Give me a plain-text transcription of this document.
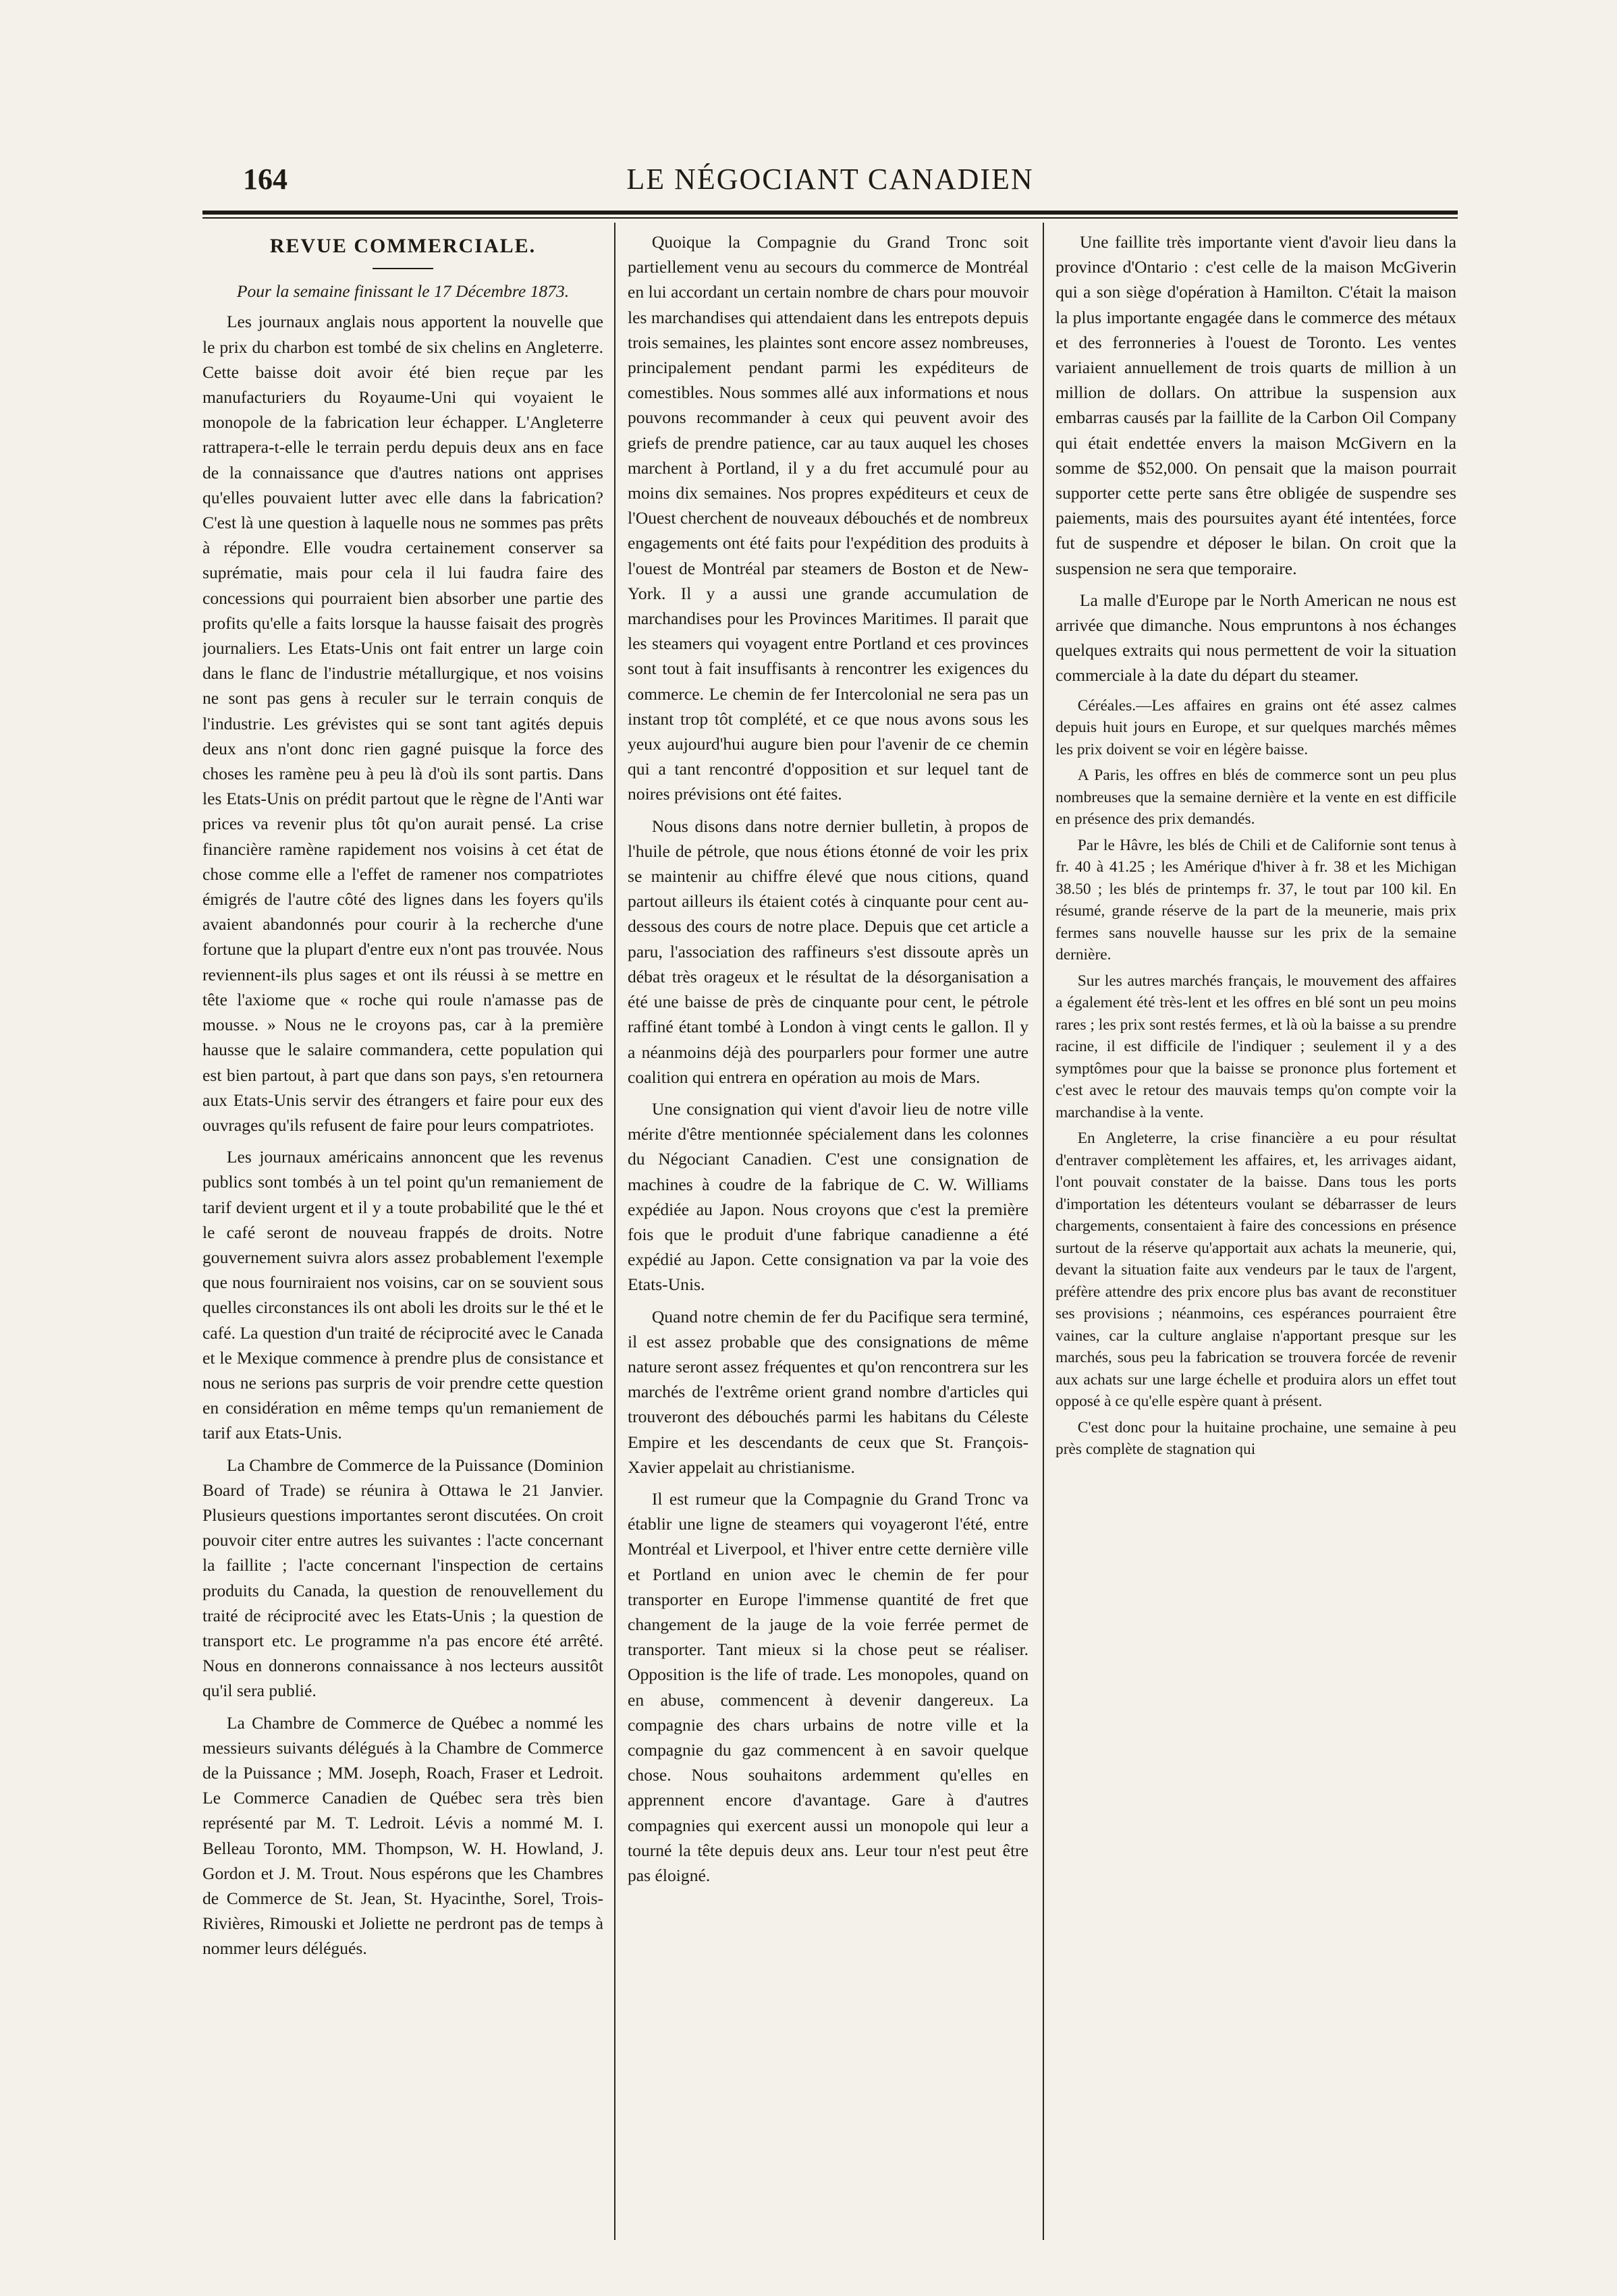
164	LE NÉGOCIANT CANADIEN
REVUE COMMERCIALE.
Pour la semaine finissant le 17 Décembre 1873.

Les journaux anglais nous apportent la nouvelle que le prix du charbon est tombé de six chelins en Angleterre. Cette baisse doit avoir été bien reçue par les manufacturiers du Royaume-Uni qui voyaient le monopole de la fabrication leur échapper. L'Angleterre rattrapera-t-elle le terrain perdu depuis deux ans en face de la connaissance que d'autres nations ont apprises qu'elles pouvaient lutter avec elle dans la fabrication? C'est là une question à laquelle nous ne sommes pas prêts à répondre. Elle voudra certainement conserver sa suprématie, mais pour cela il lui faudra faire des concessions qui pourraient bien absorber une partie des profits qu'elle a faits lorsque la hausse faisait des progrès journaliers. Les Etats-Unis ont fait entrer un large coin dans le flanc de l'industrie métallurgique, et nos voisins ne sont pas gens à reculer sur le terrain conquis de l'industrie. Les grévistes qui se sont tant agités depuis deux ans n'ont donc rien gagné puisque la force des choses les ramène peu à peu là d'où ils sont partis. Dans les Etats-Unis on prédit partout que le règne de l'Anti war prices va revenir plus tôt qu'on aurait pensé. La crise financière ramène rapidement nos voisins à cet état de chose comme elle a l'effet de ramener nos compatriotes émigrés de l'autre côté des lignes dans les foyers qu'ils avaient abandonnés pour courir à la recherche d'une fortune que la plupart d'entre eux n'ont pas trouvée. Nous reviennent-ils plus sages et ont ils réussi à se mettre en tête l'axiome que « roche qui roule n'amasse pas de mousse. » Nous ne le croyons pas, car à la première hausse que le salaire commandera, cette population qui est bien partout, à part que dans son pays, s'en retournera aux Etats-Unis servir des étrangers et faire pour eux des ouvrages qu'ils refusent de faire pour leurs compatriotes.

Les journaux américains annoncent que les revenus publics sont tombés à un tel point qu'un remaniement de tarif devient urgent et il y a toute probabilité que le thé et le café seront de nouveau frappés de droits. Notre gouvernement suivra alors assez probablement l'exemple que nous fourniraient nos voisins, car on se souvient sous quelles circonstances ils ont aboli les droits sur le thé et le café. La question d'un traité de réciprocité avec le Canada et le Mexique commence à prendre plus de consistance et nous ne serions pas surpris de voir prendre cette question en considération en même temps qu'un remaniement de tarif aux Etats-Unis.

La Chambre de Commerce de la Puissance (Dominion Board of Trade) se réunira à Ottawa le 21 Janvier. Plusieurs questions importantes seront discutées. On croit pouvoir citer entre autres les suivantes : l'acte concernant la faillite ; l'acte concernant l'inspection de certains produits du Canada, la question de renouvellement du traité de réciprocité avec les Etats-Unis ; la question de transport etc. Le programme n'a pas encore été arrêté. Nous en donnerons connaissance à nos lecteurs aussitôt qu'il sera publié.

La Chambre de Commerce de Québec a nommé les messieurs suivants délégués à la Chambre de Commerce de la Puissance ; MM. Joseph, Roach, Fraser et Ledroit. Le Commerce Canadien de Québec sera très bien représenté par M. T. Ledroit. Lévis a nommé M. I. Belleau Toronto, MM. Thompson, W. H. Howland, J. Gordon et J. M. Trout. Nous espérons que les Chambres de Commerce de St. Jean, St. Hyacinthe, Sorel, Trois-Rivières, Rimouski et Joliette ne perdront pas de temps à nommer leurs délégués.

Quoique la Compagnie du Grand Tronc soit partiellement venu au secours du commerce de Montréal en lui accordant un certain nombre de chars pour mouvoir les marchandises qui attendaient dans les entrepots depuis trois semaines, les plaintes sont encore assez nombreuses, principalement pendant parmi les expéditeurs de comestibles. Nous sommes allé aux informations et nous pouvons recommander à ceux qui peuvent avoir des griefs de prendre patience, car au taux auquel les choses marchent à Portland, il y a du fret accumulé pour au moins dix semaines. Nos propres expéditeurs et ceux de l'Ouest cherchent de nouveaux débouchés et de nombreux engagements ont été faits pour l'expédition des produits à l'ouest de Montréal par steamers de Boston et de New-York. Il y a aussi une grande accumulation de marchandises pour les Provinces Maritimes. Il parait que les steamers qui voyagent entre Portland et ces provinces sont tout à fait insuffisants à rencontrer les exigences du commerce. Le chemin de fer Intercolonial ne sera pas un instant trop tôt complété, et ce que nous avons sous les yeux aujourd'hui augure bien pour l'avenir de ce chemin qui a tant rencontré d'opposition et sur lequel tant de noires prévisions ont été faites.

Nous disons dans notre dernier bulletin, à propos de l'huile de pétrole, que nous étions étonné de voir les prix se maintenir au chiffre élevé que nous citions, quand partout ailleurs ils étaient cotés à cinquante pour cent au-dessous des cours de notre place. Depuis que cet article a paru, l'association des raffineurs s'est dissoute après un débat très orageux et le résultat de la désorganisation a été une baisse de près de cinquante pour cent, le pétrole raffiné étant tombé à London à vingt cents le gallon. Il y a néanmoins déjà des pourparlers pour former une autre coalition qui entrera en opération au mois de Mars.

Une consignation qui vient d'avoir lieu de notre ville mérite d'être mentionnée spécialement dans les colonnes du Négociant Canadien. C'est une consignation de machines à coudre de la fabrique de C. W. Williams expédiée au Japon. Nous croyons que c'est la première fois que le produit d'une fabrique canadienne a été expédié au Japon. Cette consignation va par la voie des Etats-Unis.

Quand notre chemin de fer du Pacifique sera terminé, il est assez probable que des consignations de même nature seront assez fréquentes et qu'on rencontrera sur les marchés de l'extrême orient grand nombre d'articles qui trouveront des débouchés parmi les habitans du Céleste Empire et les descendants de ceux que St. François-Xavier appelait au christianisme.

Il est rumeur que la Compagnie du Grand Tronc va établir une ligne de steamers qui voyageront l'été, entre Montréal et Liverpool, et l'hiver entre cette dernière ville et Portland en union avec le chemin de fer pour transporter en Europe l'immense quantité de fret que changement de la jauge de la voie ferrée permet de transporter. Tant mieux si la chose peut se réaliser. Opposition is the life of trade. Les monopoles, quand on en abuse, commencent à devenir dangereux. La compagnie des chars urbains de notre ville et la compagnie du gaz commencent à en savoir quelque chose. Nous souhaitons ardemment qu'elles en apprennent encore d'avantage. Gare à d'autres compagnies qui exercent aussi un monopole qui leur a tourné la tête depuis deux ans. Leur tour n'est peut être pas éloigné.

Une faillite très importante vient d'avoir lieu dans la province d'Ontario : c'est celle de la maison McGiverin qui a son siège d'opération à Hamilton. C'était la maison la plus importante engagée dans le commerce des métaux et des ferronneries à l'ouest de Toronto. Les ventes variaient annuellement de trois quarts de million à un million de dollars. On attribue la suspension aux embarras causés par la faillite de la Carbon Oil Company qui était endettée envers la maison McGivern en la somme de $52,000. On pensait que la maison pourrait supporter cette perte sans être obligée de suspendre ses paiements, mais des poursuites ayant été intentées, force fut de suspendre et déposer le bilan. On croit que la suspension ne sera que temporaire.

La malle d'Europe par le North American ne nous est arrivée que dimanche. Nous empruntons à nos échanges quelques extraits qui nous permettent de voir la situation commerciale à la date du départ du steamer.

Céréales.—Les affaires en grains ont été assez calmes depuis huit jours en Europe, et sur quelques marchés mêmes les prix doivent se voir en légère baisse.

A Paris, les offres en blés de commerce sont un peu plus nombreuses que la semaine dernière et la vente en est difficile en présence des prix demandés.

Par le Hâvre, les blés de Chili et de Californie sont tenus à fr. 40 à 41.25 ; les Amérique d'hiver à fr. 38 et les Michigan 38.50 ; les blés de printemps fr. 37, le tout par 100 kil. En résumé, grande réserve de la part de la meunerie, mais prix fermes sans nouvelle hausse sur les prix de la semaine dernière.

Sur les autres marchés français, le mouvement des affaires a également été très-lent et les offres en blé sont un peu moins rares ; les prix sont restés fermes, et là où la baisse a su prendre racine, il est difficile de l'indiquer ; seulement il y a des symptômes pour que la baisse se prononce plus fortement et c'est avec le retour des mauvais temps qu'on compte voir la marchandise à la vente.

En Angleterre, la crise financière a eu pour résultat d'entraver complètement les affaires, et, les arrivages aidant, l'ont pouvait constater de la baisse. Dans tous les ports d'importation les détenteurs voulant se débarrasser de leurs chargements, consentaient à faire des concessions en présence surtout de la réserve qu'apportait aux achats la meunerie, qui, devant la situation faite aux vendeurs par le taux de l'argent, préfère attendre des prix encore plus bas avant de reconstituer ses provisions ; néanmoins, ces espérances pourraient être vaines, car la culture anglaise n'apportant presque sur les marchés, sous peu la fabrication se trouvera forcée de revenir aux achats sur une large échelle et produira alors un effet tout opposé à ce qu'elle espère quant à présent.

C'est donc pour la huitaine prochaine, une semaine à peu près complète de stagnation qui
